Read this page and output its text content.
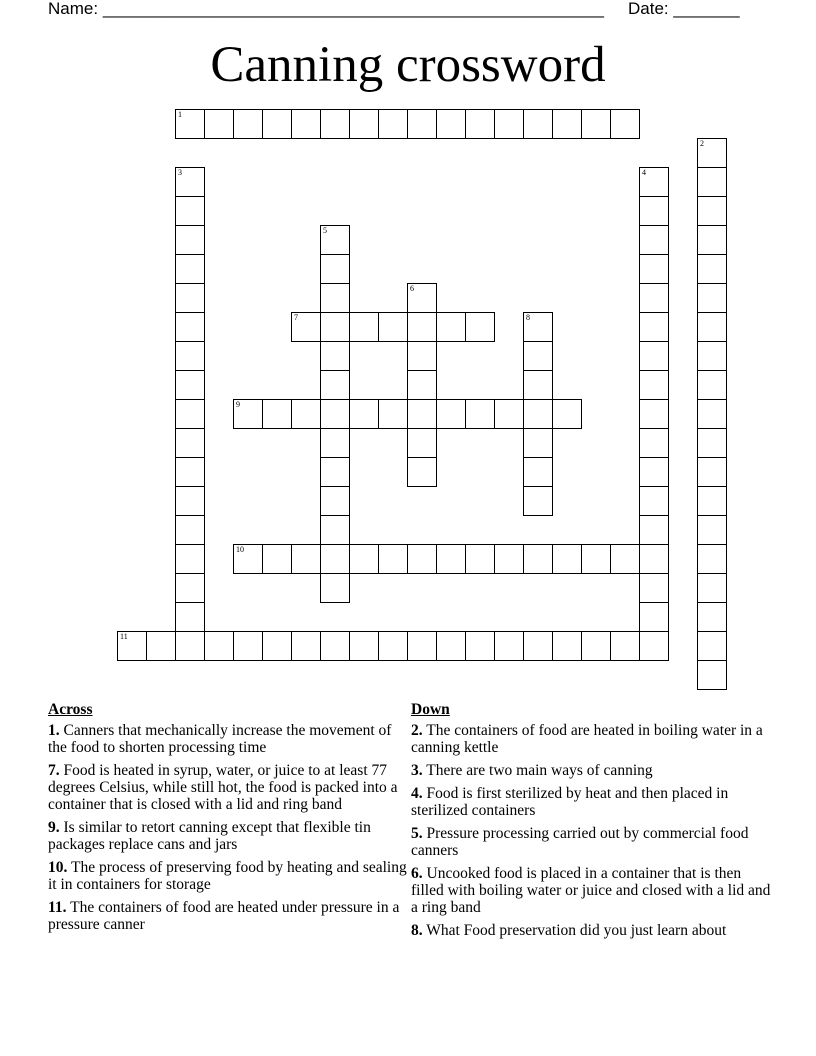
Name: _____________________________________________________ Date: _______
Canning crossword
1
2
3	4
5
6
7	8
9
10
11
Across
1. Canners that mechanically increase the movement of the food to shorten processing time
7. Food is heated in syrup, water, or juice to at least 77 degrees Celsius, while still hot, the food is packed into a container that is closed with a lid and ring band
9. Is similar to retort canning except that flexible tin packages replace cans and jars
10. The process of preserving food by heating and sealing it in containers for storage
11. The containers of food are heated under pressure in a pressure canner
Down
2. The containers of food are heated in boiling water in a canning kettle
3. There are two main ways of canning
4. Food is first sterilized by heat and then placed in sterilized containers
5. Pressure processing carried out by commercial food canners
6. Uncooked food is placed in a container that is then filled with boiling water or juice and closed with a lid and a ring band
8. What Food preservation did you just learn about
